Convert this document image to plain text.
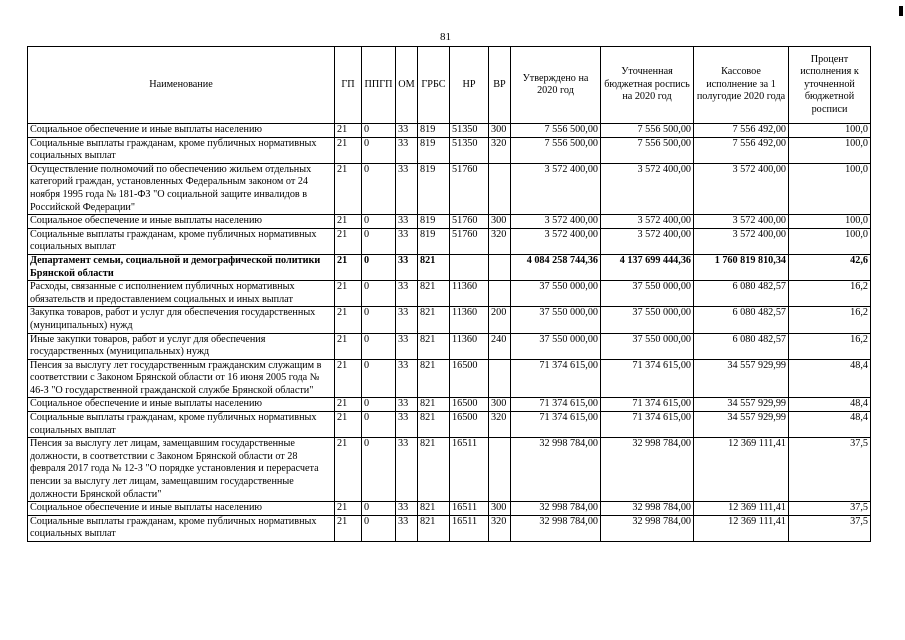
81
Наименование	ГП	ППГП	ОМ	ГРБС	НР	ВР	Утверждено на 2020 год	Уточненная бюджетная роспись на 2020 год	Кассовое исполнение за 1 полугодие 2020 года	Процент исполнения к уточненной бюджетной росписи
Социальное обеспечение и иные выплаты населению	21	0	33	819	51350	300	7 556 500,00	7 556 500,00	7 556 492,00	100,0
Социальные выплаты гражданам, кроме публичных нормативных социальных выплат	21	0	33	819	51350	320	7 556 500,00	7 556 500,00	7 556 492,00	100,0
Осуществление полномочий по обеспечению жильем отдельных категорий граждан, установленных Федеральным законом от 24 ноября 1995 года № 181-ФЗ "О социальной защите инвалидов в Российской Федерации"	21	0	33	819	51760		3 572 400,00	3 572 400,00	3 572 400,00	100,0
Социальное обеспечение и иные выплаты населению	21	0	33	819	51760	300	3 572 400,00	3 572 400,00	3 572 400,00	100,0
Социальные выплаты гражданам, кроме публичных нормативных социальных выплат	21	0	33	819	51760	320	3 572 400,00	3 572 400,00	3 572 400,00	100,0
Департамент семьи, социальной и демографической политики Брянской области	21	0	33	821			4 084 258 744,36	4 137 699 444,36	1 760 819 810,34	42,6
Расходы, связанные с исполнением публичных нормативных обязательств и предоставлением социальных и иных выплат	21	0	33	821	11360		37 550 000,00	37 550 000,00	6 080 482,57	16,2
Закупка товаров, работ и услуг для обеспечения государственных (муниципальных) нужд	21	0	33	821	11360	200	37 550 000,00	37 550 000,00	6 080 482,57	16,2
Иные закупки товаров, работ и услуг для обеспечения государственных (муниципальных) нужд	21	0	33	821	11360	240	37 550 000,00	37 550 000,00	6 080 482,57	16,2
Пенсия за выслугу лет государственным гражданским служащим в соответствии с Законом Брянской области от 16 июня 2005 года № 46-З "О государственной гражданской службе Брянской области"	21	0	33	821	16500		71 374 615,00	71 374 615,00	34 557 929,99	48,4
Социальное обеспечение и иные выплаты населению	21	0	33	821	16500	300	71 374 615,00	71 374 615,00	34 557 929,99	48,4
Социальные выплаты гражданам, кроме публичных нормативных социальных выплат	21	0	33	821	16500	320	71 374 615,00	71 374 615,00	34 557 929,99	48,4
Пенсия за выслугу лет лицам, замещавшим государственные должности, в соответствии с Законом Брянской области от 28 февраля 2017 года № 12-З "О порядке установления и перерасчета пенсии за выслугу лет лицам, замещавшим государственные должности Брянской области"	21	0	33	821	16511		32 998 784,00	32 998 784,00	12 369 111,41	37,5
Социальное обеспечение и иные выплаты населению	21	0	33	821	16511	300	32 998 784,00	32 998 784,00	12 369 111,41	37,5
Социальные выплаты гражданам, кроме публичных нормативных социальных выплат	21	0	33	821	16511	320	32 998 784,00	32 998 784,00	12 369 111,41	37,5
